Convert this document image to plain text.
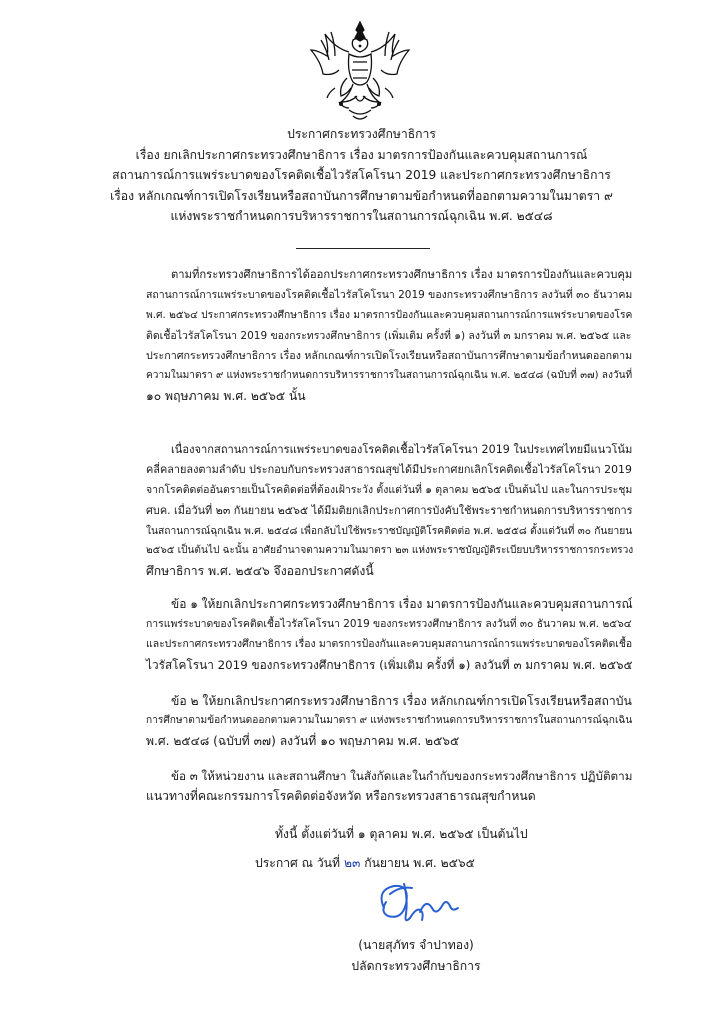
ประกาศกระทรวงศึกษาธิการ
เรื่อง ยกเลิกประกาศกระทรวงศึกษาธิการ เรื่อง มาตรการป้องกันและควบคุมสถานการณ์
สถานการณ์การแพร่ระบาดของโรคติดเชื้อไวรัสโคโรนา 2019 และประกาศกระทรวงศึกษาธิการ
เรื่อง หลักเกณฑ์การเปิดโรงเรียนหรือสถาบันการศึกษาตามข้อกำหนดที่ออกตามความในมาตรา ๙
แห่งพระราชกำหนดการบริหารราชการในสถานการณ์ฉุกเฉิน พ.ศ. ๒๕๔๘
ตามที่กระทรวงศึกษาธิการได้ออกประกาศกระทรวงศึกษาธิการ เรื่อง มาตรการป้องกันและควบคุม
สถานการณ์การแพร่ระบาดของโรคติดเชื้อไวรัสโคโรนา 2019 ของกระทรวงศึกษาธิการ ลงวันที่ ๓๐ ธันวาคม
พ.ศ. ๒๕๖๔ ประกาศกระทรวงศึกษาธิการ เรื่อง มาตรการป้องกันและควบคุมสถานการณ์การแพร่ระบาดของโรค
ติดเชื้อไวรัสโคโรนา 2019 ของกระทรวงศึกษาธิการ (เพิ่มเติม ครั้งที่ ๑) ลงวันที่ ๓ มกราคม พ.ศ. ๒๕๖๕ และ
ประกาศกระทรวงศึกษาธิการ เรื่อง หลักเกณฑ์การเปิดโรงเรียนหรือสถาบันการศึกษาตามข้อกำหนดออกตาม
ความในมาตรา ๙ แห่งพระราชกำหนดการบริหารราชการในสถานการณ์ฉุกเฉิน พ.ศ. ๒๕๔๘ (ฉบับที่ ๓๗) ลงวันที่
๑๐ พฤษภาคม พ.ศ. ๒๕๖๕ นั้น
เนื่องจากสถานการณ์การแพร่ระบาดของโรคติดเชื้อไวรัสโคโรนา 2019 ในประเทศไทยมีแนวโน้ม
คลี่คลายลงตามลำดับ ประกอบกับกระทรวงสาธารณสุขได้มีประกาศยกเลิกโรคติดเชื้อไวรัสโคโรนา 2019
จากโรคติดต่ออันตรายเป็นโรคติดต่อที่ต้องเฝ้าระวัง ตั้งแต่วันที่ ๑ ตุลาคม ๒๕๖๕ เป็นต้นไป และในการประชุม
ศบค. เมื่อวันที่ ๒๓ กันยายน ๒๕๖๕ ได้มีมติยกเลิกประกาศการบังคับใช้พระราชกำหนดการบริหารราชการ
ในสถานการณ์ฉุกเฉิน พ.ศ. ๒๕๔๘ เพื่อกลับไปใช้พระราชบัญญัติโรคติดต่อ พ.ศ. ๒๕๕๘ ตั้งแต่วันที่ ๓๐ กันยายน
๒๕๖๕ เป็นต้นไป ฉะนั้น อาศัยอำนาจตามความในมาตรา ๒๓ แห่งพระราชบัญญัติระเบียบบริหารราชการกระทรวง
ศึกษาธิการ พ.ศ. ๒๕๔๖ จึงออกประกาศดังนี้
ข้อ ๑ ให้ยกเลิกประกาศกระทรวงศึกษาธิการ เรื่อง มาตรการป้องกันและควบคุมสถานการณ์
การแพร่ระบาดของโรคติดเชื้อไวรัสโคโรนา 2019 ของกระทรวงศึกษาธิการ ลงวันที่ ๓๐ ธันวาคม พ.ศ. ๒๕๖๔
และประกาศกระทรวงศึกษาธิการ เรื่อง มาตรการป้องกันและควบคุมสถานการณ์การแพร่ระบาดของโรคติดเชื้อ
ไวรัสโคโรนา 2019 ของกระทรวงศึกษาธิการ (เพิ่มเติม ครั้งที่ ๑) ลงวันที่ ๓ มกราคม พ.ศ. ๒๕๖๕
ข้อ ๒ ให้ยกเลิกประกาศกระทรวงศึกษาธิการ เรื่อง หลักเกณฑ์การเปิดโรงเรียนหรือสถาบัน
การศึกษาตามข้อกำหนดออกตามความในมาตรา ๙ แห่งพระราชกำหนดการบริหารราชการในสถานการณ์ฉุกเฉิน
พ.ศ. ๒๕๔๘ (ฉบับที่ ๓๗) ลงวันที่ ๑๐ พฤษภาคม พ.ศ. ๒๕๖๕
ข้อ ๓ ให้หน่วยงาน และสถานศึกษา ในสังกัดและในกำกับของกระทรวงศึกษาธิการ ปฏิบัติตาม
แนวทางที่คณะกรรมการโรคติดต่อจังหวัด หรือกระทรวงสาธารณสุขกำหนด
ทั้งนี้ ตั้งแต่วันที่ ๑ ตุลาคม พ.ศ. ๒๕๖๕ เป็นต้นไป
ประกาศ ณ วันที่ ๒๓ กันยายน พ.ศ. ๒๕๖๕
(นายสุภัทร จำปาทอง)
ปลัดกระทรวงศึกษาธิการ
